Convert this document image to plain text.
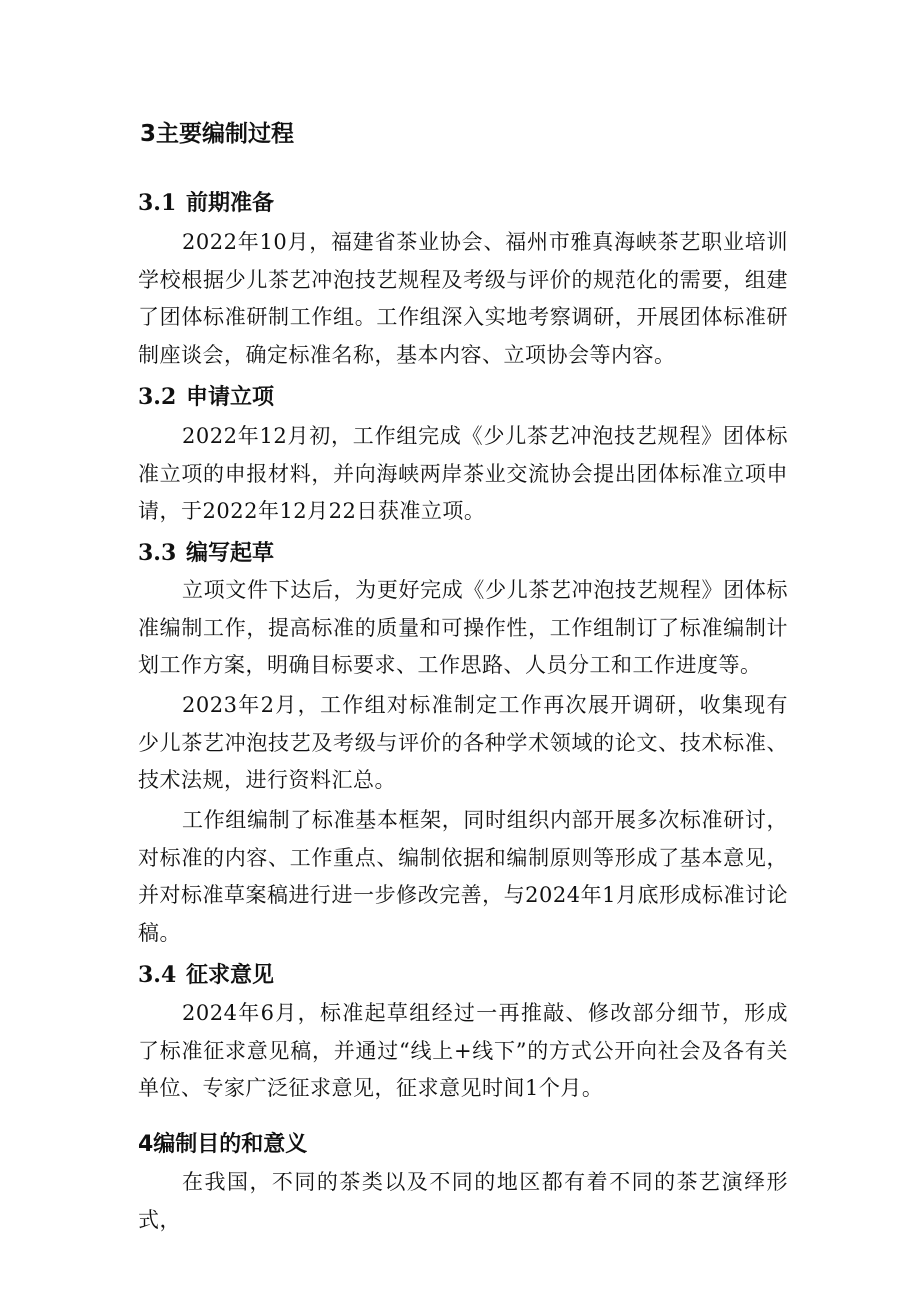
3主要编制过程
3.1 前期准备

2022年10月，福建省茶业协会、福州市雅真海峡茶艺职业培训学校根据少儿茶艺冲泡技艺规程及考级与评价的规范化的需要，组建了团体标准研制工作组。工作组深入实地考察调研，开展团体标准研制座谈会，确定标准名称，基本内容、立项协会等内容。

3.2 申请立项

2022年12月初，工作组完成《少儿茶艺冲泡技艺规程》团体标准立项的申报材料，并向海峡两岸茶业交流协会提出团体标准立项申请，于2022年12月22日获准立项。

3.3 编写起草

立项文件下达后，为更好完成《少儿茶艺冲泡技艺规程》团体标准编制工作，提高标准的质量和可操作性，工作组制订了标准编制计划工作方案，明确目标要求、工作思路、人员分工和工作进度等。

2023年2月，工作组对标准制定工作再次展开调研，收集现有少儿茶艺冲泡技艺及考级与评价的各种学术领域的论文、技术标准、技术法规，进行资料汇总。

工作组编制了标准基本框架，同时组织内部开展多次标准研讨，对标准的内容、工作重点、编制依据和编制原则等形成了基本意见，并对标准草案稿进行进一步修改完善，与2024年1月底形成标准讨论稿。

3.4 征求意见

2024年6月，标准起草组经过一再推敲、修改部分细节，形成了标准征求意见稿，并通过“线上+线下”的方式公开向社会及各有关单位、专家广泛征求意见，征求意见时间1个月。

4编制目的和意义

在我国，不同的茶类以及不同的地区都有着不同的茶艺演绎形式，
